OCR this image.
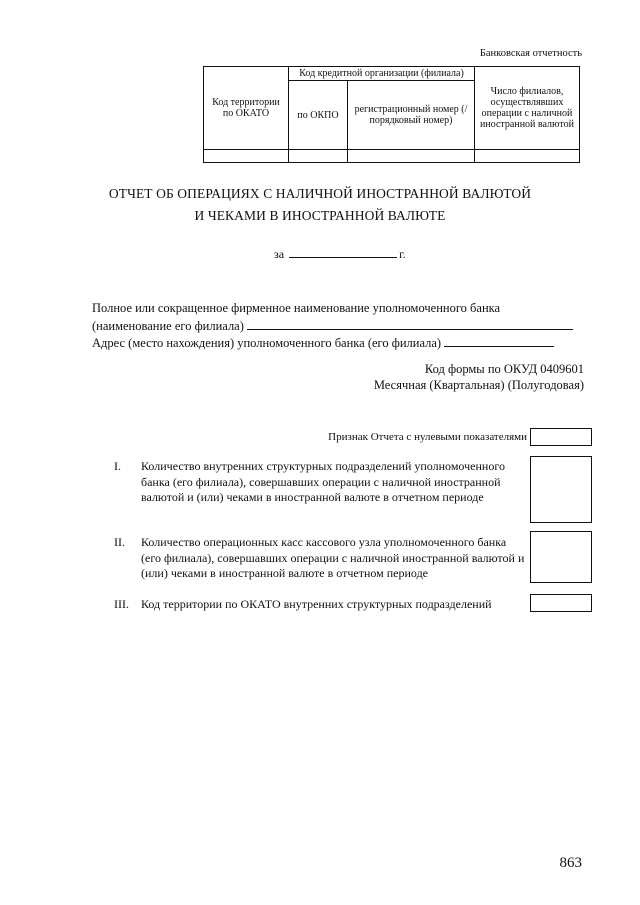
Банковская отчетность
Код территории по ОКАТО	Код кредитной организации (филиала)		Число филиалов, осуществлявших операции с наличной иностранной валютой
	по ОКПО	регистрационный номер (/порядковый номер)	

ОТЧЕТ ОБ ОПЕРАЦИЯХ С НАЛИЧНОЙ ИНОСТРАННОЙ ВАЛЮТОЙ
И ЧЕКАМИ В ИНОСТРАННОЙ ВАЛЮТЕ
за	г.
Полное или сокращенное фирменное наименование уполномоченного банка
(наименование его филиала)
Адрес (место нахождения) уполномоченного банка (его филиала)
Код формы по ОКУД 0409601
Месячная (Квартальная) (Полугодовая)
Признак Отчета с нулевыми показателями
I. Количество внутренних структурных подразделений уполномоченного банка (его филиала), совершавших операции с наличной иностранной валютой и (или) чеками в иностранной валюте в отчетном периоде
II. Количество операционных касс кассового узла уполномоченного банка (его филиала), совершавших операции с наличной иностранной валютой и (или) чеками в иностранной валюте в отчетном периоде
III. Код территории по ОКАТО внутренних структурных подразделений
863
